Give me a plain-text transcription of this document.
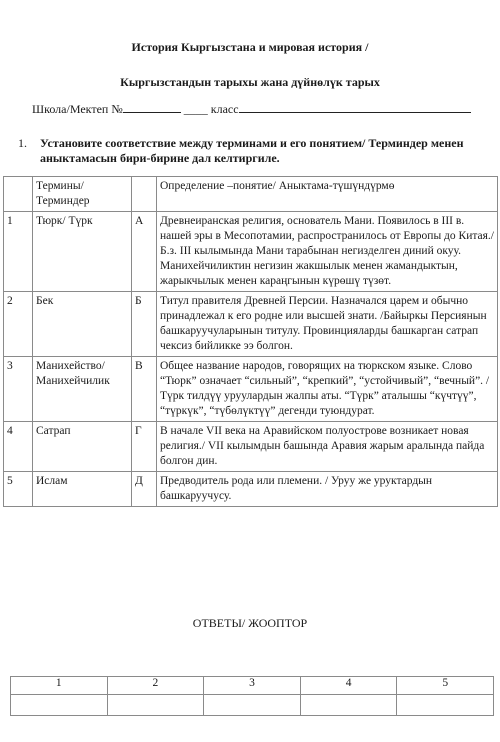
История Кыргызстана и мировая история /
Кыргызстандын тарыхы жана дүйнөлүк тарых
Школа/Мектеп №	____ класс
1. Установите соответствие между терминами и его понятием/ Терминдер менен аныктамасын бири-бирине дал келтиргиле.
	Термины/ Терминдер		Определение –понятие/ Аныктама-түшүндүрмө
1	Тюрк/ Түрк	А	Древнеиранская религия, основатель Мани. Появилось в III в. нашей эры в Месопотамии, распространилось от Европы до Китая./Б.з. III кылымында Мани тарабынан негизделген диний окуу. Манихейчиликтин негизин жакшылык менен жамандыктын, жарыкчылык менен караңгынын күрөшү түзөт.
2	Бек	Б	Титул правителя Древней Персии. Назначался царем и обычно принадлежал к его родне или высшей знати. /Байыркы Персиянын башкаруучуларынын титулу. Провинцияларды башкарган сатрап чексиз бийликке ээ болгон.
3	Манихейство/ Манихейчилик	В	Общее название народов, говорящих на тюркском языке. Слово “Тюрк” означает “сильный”, “крепкий”, “устойчивый”, “вечный”. /Түрк тилдүү уруулардын жалпы аты. “Түрк” аталышы “күчтүү”, “түркүк”, “түбөлүктүү” дегенди туюндурат.
4	Сатрап	Г	В начале VII века на Аравийском полуострове возникает новая религия./ VII кылымдын башында Аравия жарым аралында пайда болгон дин.
5	Ислам	Д	Предводитель рода или племени. / Уруу же уруктардын башкаруучусу.
ОТВЕТЫ/ ЖООПТОР
1	2	3	4	5
